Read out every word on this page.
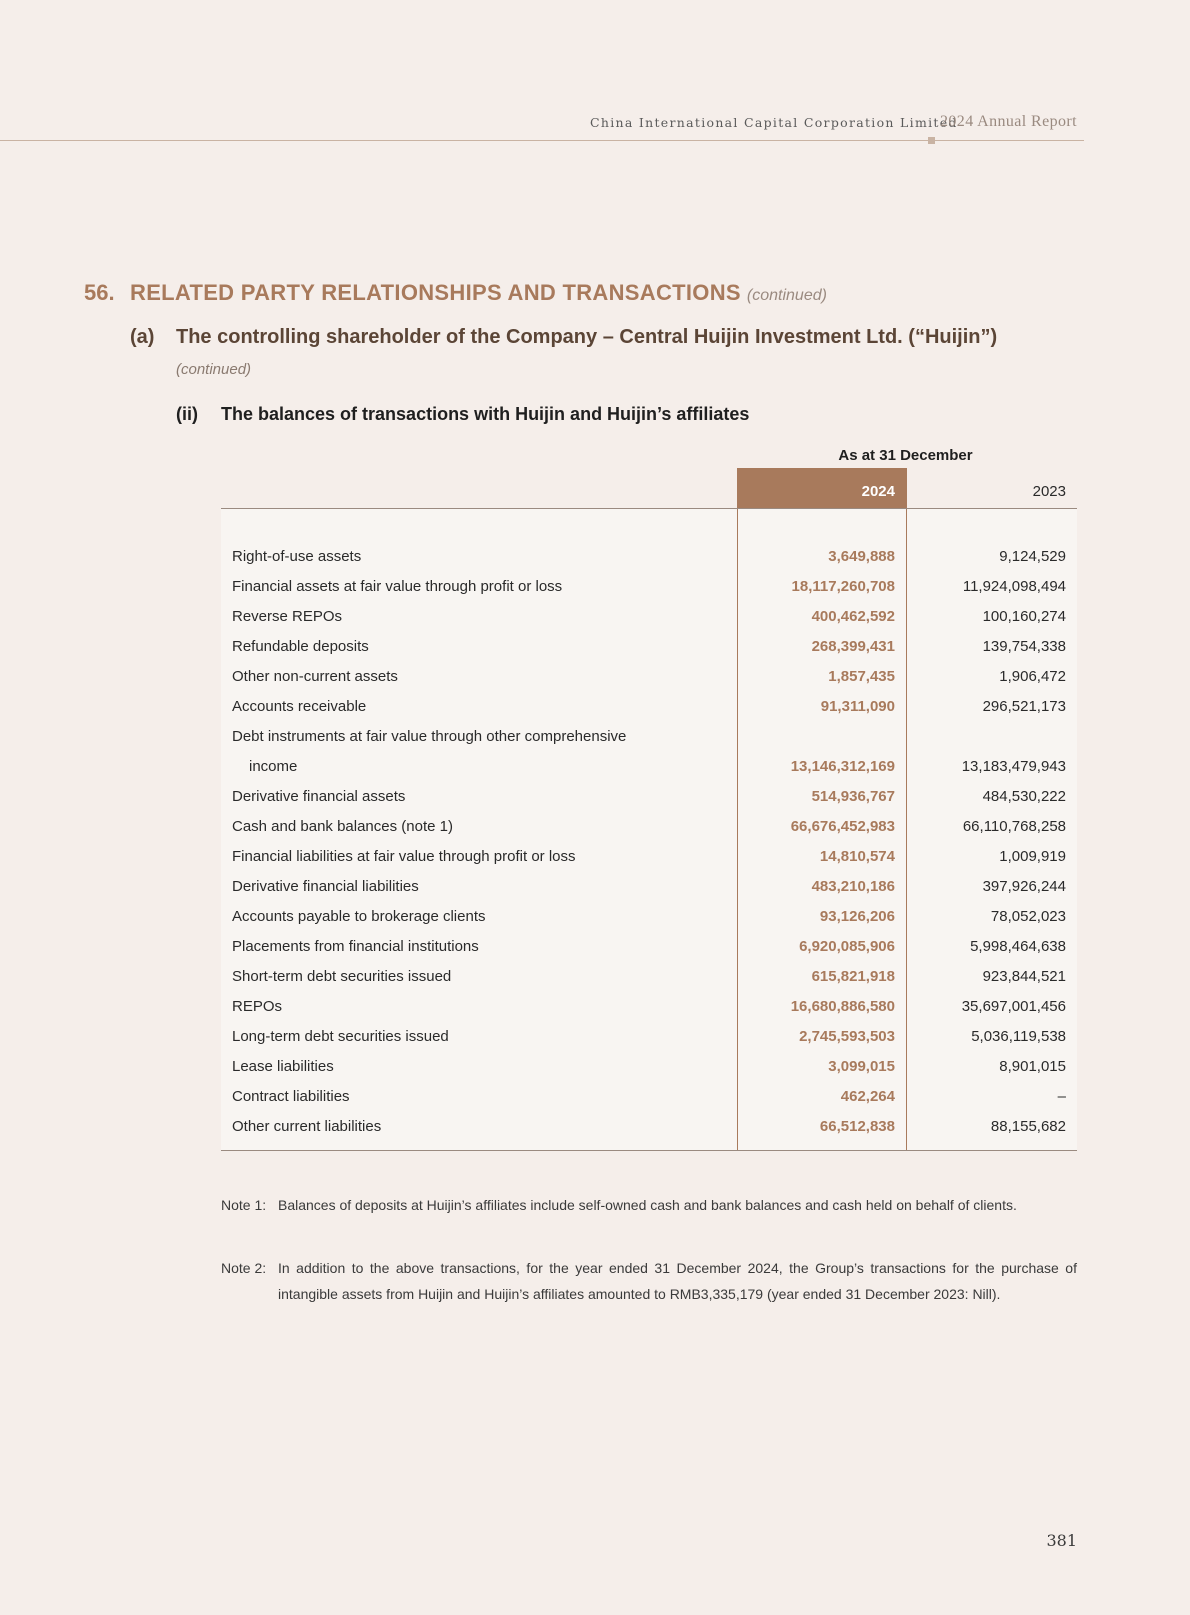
China International Capital Corporation Limited
2024 Annual Report
56. RELATED PARTY RELATIONSHIPS AND TRANSACTIONS (continued)
(a) The controlling shareholder of the Company – Central Huijin Investment Ltd. (“Huijin”)
(continued)
(ii) The balances of transactions with Huijin and Huijin’s affiliates
As at 31 December
2024	2023
Right-of-use assets	3,649,888	9,124,529
Financial assets at fair value through profit or loss	18,117,260,708	11,924,098,494
Reverse REPOs	400,462,592	100,160,274
Refundable deposits	268,399,431	139,754,338
Other non-current assets	1,857,435	1,906,472
Accounts receivable	91,311,090	296,521,173
Debt instruments at fair value through other comprehensive
income	13,146,312,169	13,183,479,943
Derivative financial assets	514,936,767	484,530,222
Cash and bank balances (note 1)	66,676,452,983	66,110,768,258
Financial liabilities at fair value through profit or loss	14,810,574	1,009,919
Derivative financial liabilities	483,210,186	397,926,244
Accounts payable to brokerage clients	93,126,206	78,052,023
Placements from financial institutions	6,920,085,906	5,998,464,638
Short-term debt securities issued	615,821,918	923,844,521
REPOs	16,680,886,580	35,697,001,456
Long-term debt securities issued	2,745,593,503	5,036,119,538
Lease liabilities	3,099,015	8,901,015
Contract liabilities	462,264	–
Other current liabilities	66,512,838	88,155,682
Note 1: Balances of deposits at Huijin’s affiliates include self-owned cash and bank balances and cash held on behalf of clients.
Note 2: In addition to the above transactions, for the year ended 31 December 2024, the Group’s transactions for the purchase of intangible assets from Huijin and Huijin’s affiliates amounted to RMB3,335,179 (year ended 31 December 2023: Nill).
381
